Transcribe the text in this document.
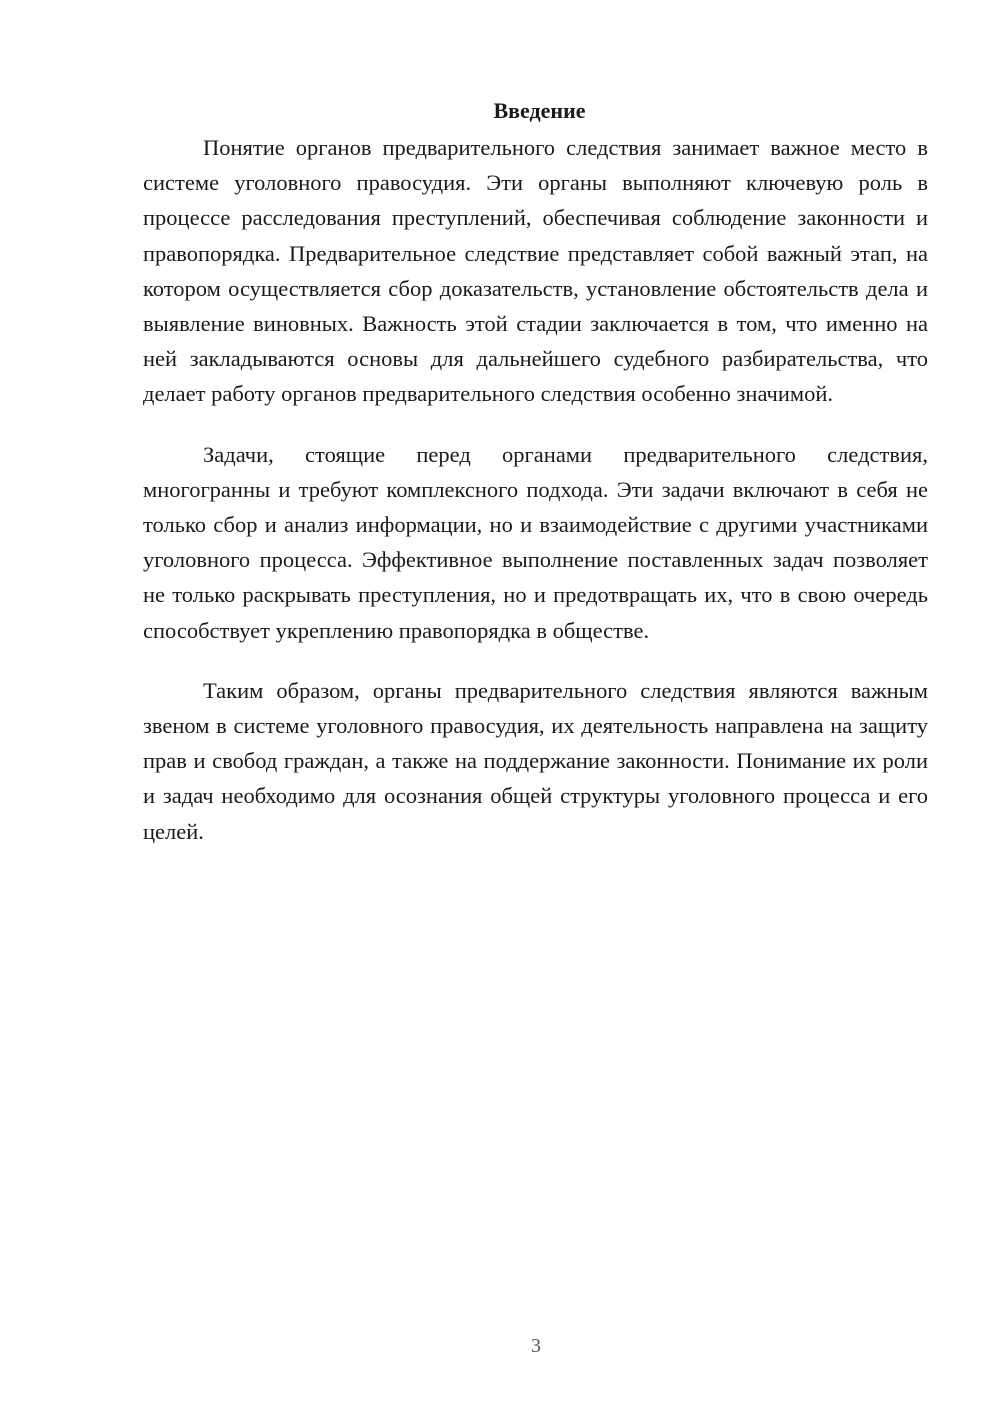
Введение

Понятие органов предварительного следствия занимает важное место в системе уголовного правосудия. Эти органы выполняют ключевую роль в процессе расследования преступлений, обеспечивая соблюдение законности и правопорядка. Предварительное следствие представляет собой важный этап, на котором осуществляется сбор доказательств, установление обстоятельств дела и выявление виновных. Важность этой стадии заключается в том, что именно на ней закладываются основы для дальнейшего судебного разбирательства, что делает работу органов предварительного следствия особенно значимой.

Задачи, стоящие перед органами предварительного следствия, многогранны и требуют комплексного подхода. Эти задачи включают в себя не только сбор и анализ информации, но и взаимодействие с другими участниками уголовного процесса. Эффективное выполнение поставленных задач позволяет не только раскрывать преступления, но и предотвращать их, что в свою очередь способствует укреплению правопорядка в обществе.

Таким образом, органы предварительного следствия являются важным звеном в системе уголовного правосудия, их деятельность направлена на защиту прав и свобод граждан, а также на поддержание законности. Понимание их роли и задач необходимо для осознания общей структуры уголовного процесса и его целей.

3
